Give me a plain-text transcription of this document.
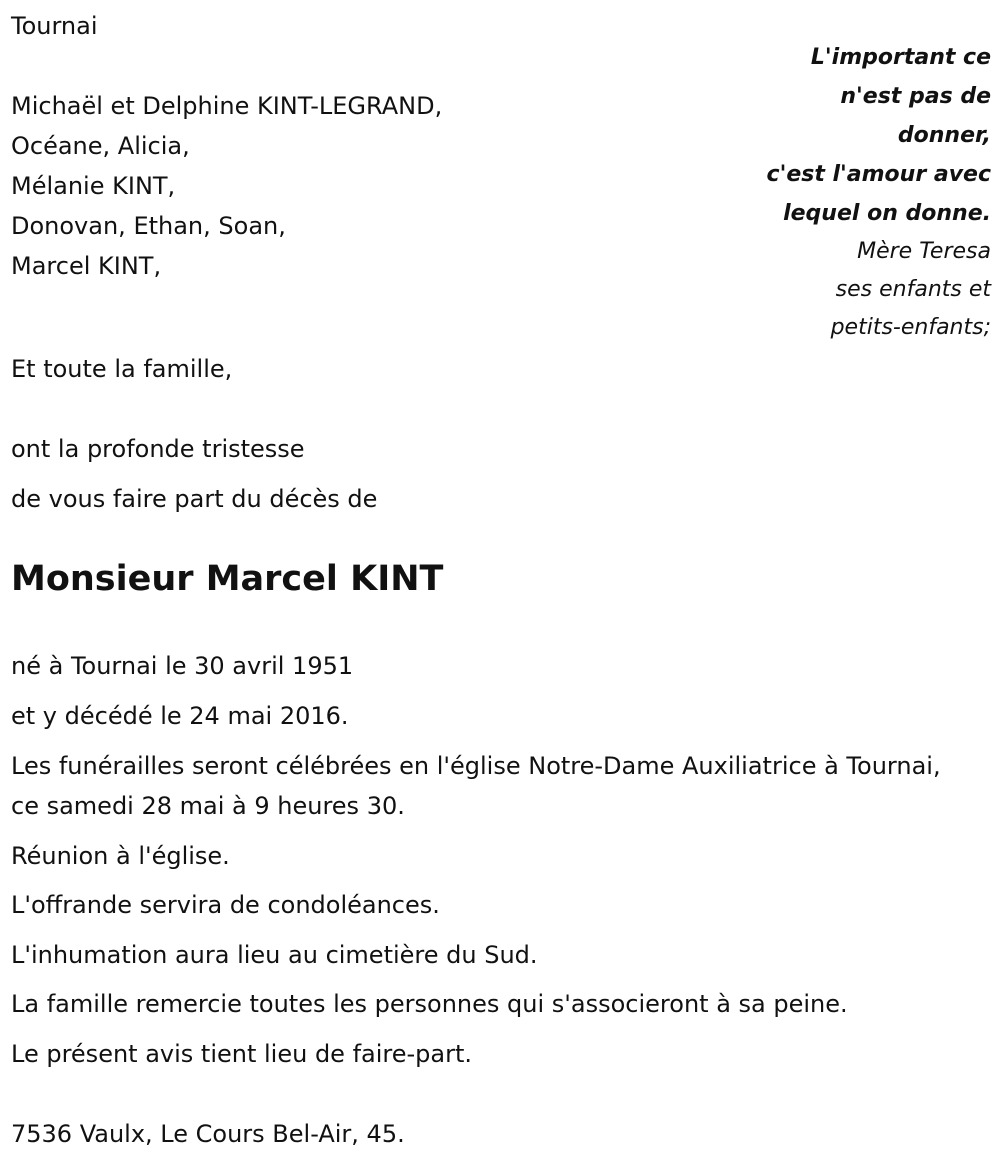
Tournai
Michaël et Delphine KINT-LEGRAND,
Océane, Alicia,
Mélanie KINT,
Donovan, Ethan, Soan,
Marcel KINT,
Et toute la famille,
ont la profonde tristesse
de vous faire part du décès de
Monsieur Marcel KINT
né à Tournai le 30 avril 1951
et y décédé le 24 mai 2016.
Les funérailles seront célébrées en l'église Notre-Dame Auxiliatrice à Tournai, ce samedi 28 mai à 9 heures 30.
Réunion à l'église.
L'offrande servira de condoléances.
L'inhumation aura lieu au cimetière du Sud.
La famille remercie toutes les personnes qui s'associeront à sa peine.
Le présent avis tient lieu de faire-part.
7536 Vaulx, Le Cours Bel-Air, 45.
L'important ce
n'est pas de
donner,
c'est l'amour avec
lequel on donne.
Mère Teresa
ses enfants et
petits-enfants;
